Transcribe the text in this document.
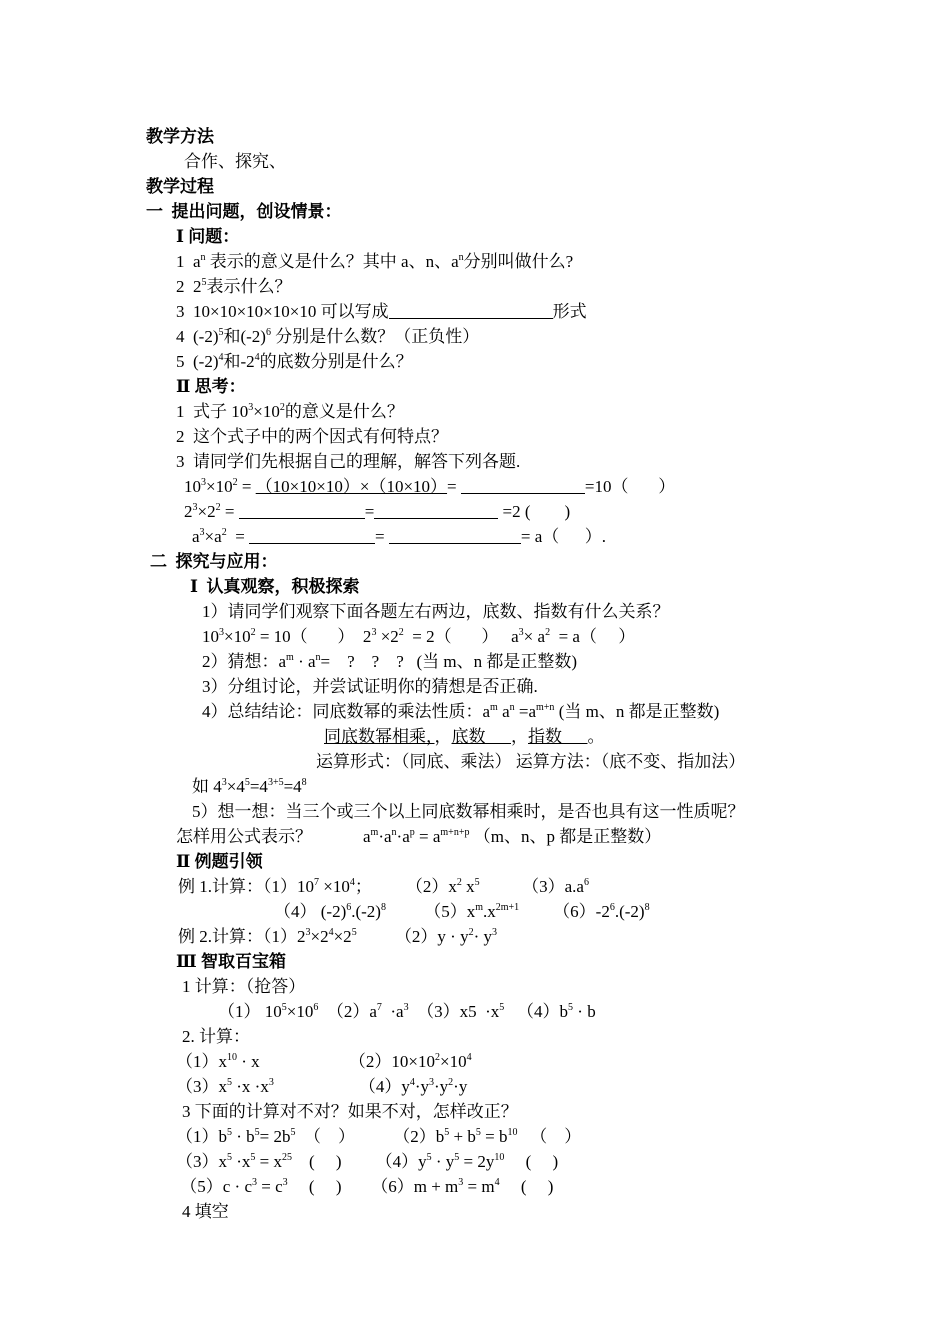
教学方法
合作、探究、
教学过程
一  提出问题，创设情景：
Ⅰ 问题：
1  $a^n$ 表示的意义是什么？其中 a、n、$a^n$分别叫做什么?
2  $2^5$表示什么？
3  10×10×10×10×10 可以写成	形式
4  $(-2)^5$和$(-2)^6$ 分别是什么数？（正负性）
5  $(-2)^4$和$-2^4$的底数分别是什么？
Ⅱ 思考：
1  式子 $10^3\times 10^2$的意义是什么？
2  这个式子中的两个因式有何特点？
3  请同学们先根据自己的理解，解答下列各题.
$10^3\times 10^2 = (10\times 10\times 10)\times(10\times 10)=$	=10（       ）
$2^3\times 2^2$ =	=	=2 (        )
$a^3\times a^2$  =	=	= a（      ）.
二  探究与应用：
Ⅰ  认真观察，积极探索
1）请同学们观察下面各题左右两边，底数、指数有什么关系？
$10^3\times 10^2 = 10$（       ）  $2^3 \times 2^2 = 2$（       ）   $a^3\times a^2 = a$（     ）
2）猜想：$a^m \cdot a^n=$    ?    ?    ?   (当 m、n 都是正整数)
3）分组讨论，并尝试证明你的猜想是否正确.
4）总结结论：同底数幂的乘法性质：$a^m$ $a^n =a^{m+n}$ (当 m、n 都是正整数)
同底数幂相乘，，底数      ，指数      。
运算形式：（同底、乘法） 运算方法：（底不变、指加法）
如 $4^3\times 4^5=4^{3+5}=4^8$
5）想一想：当三个或三个以上同底数幂相乘时，是否也具有这一性质呢？
怎样用公式表示？            $a^m\cdot a^n\cdot a^p = a^{m+n+p}$ （m、n、p 都是正整数）
Ⅱ 例题引领
例 1.计算：$(1)10^7 \times 10^4$；        $(2)x^2$ $x^5$          $(3)a.a^6$
（4） $(-2)^6.(-2)^8$         $(5)x^m.x^{2m+1}$        $(6)-2^6.(-2)^8$
例 2.计算：$(1)2^3\times 2^4\times 2^5$         $(2)y \cdot y^2\cdot y^3$
Ⅲ 智取百宝箱
1 计算：（抢答）
（1） $10^5\times 10^6$  $(2)a^7 \cdot a^3$  $(3)x5 \cdot x^5$   $(4)b^5 \cdot b$
2. 计算：
$(1)x^{10} \cdot x$                     $(2)10\times 10^2\times 10^4$
$(3)x^5 \cdot x \cdot x^3$                    $(4)y^4\cdot y^3\cdot y^2\cdot y$
3 下面的计算对不对？如果不对，怎样改正？
$(1)b^5 \cdot b^5= 2b^5$  （    ）         $(2)b^5 + b^5 = b^{10}$   （    ）
$(3)x^5 \cdot x^5 = x^{25}$    (     )        $(4)y^5 \cdot y^5 = 2y^{10}$     (     )
$(5)c \cdot c^3 = c^3$     (     )       $(6)m + m^3 = m^4$     (     )
4 填空
